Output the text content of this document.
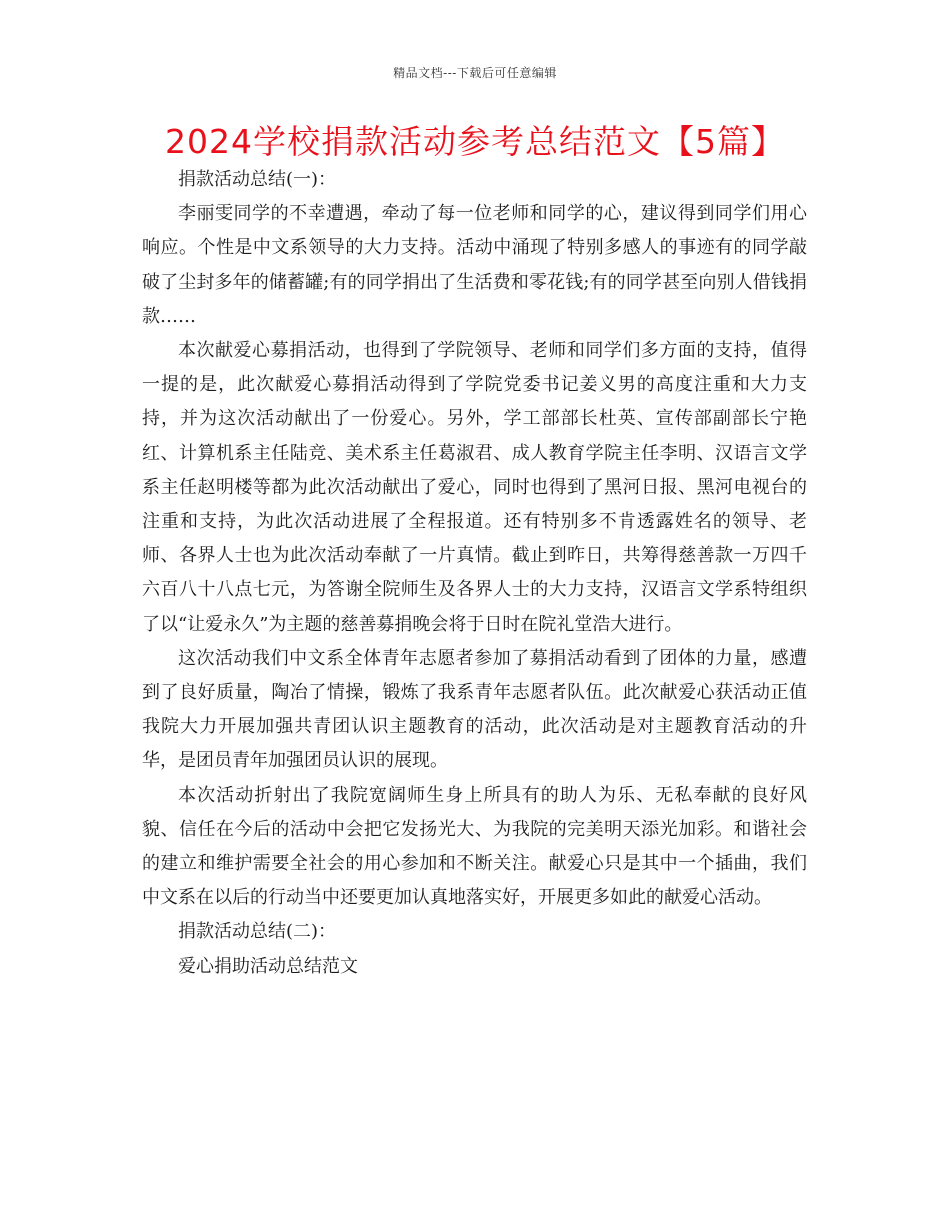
精品文档---下载后可任意编辑
2024学校捐款活动参考总结范文【5篇】

捐款活动总结(一)：

李丽雯同学的不幸遭遇，牵动了每一位老师和同学的心，建议得到同学们用心响应。个性是中文系领导的大力支持。活动中涌现了特别多感人的事迹有的同学敲破了尘封多年的储蓄罐;有的同学捐出了生活费和零花钱;有的同学甚至向别人借钱捐款……

本次献爱心募捐活动，也得到了学院领导、老师和同学们多方面的支持，值得一提的是，此次献爱心募捐活动得到了学院党委书记姜义男的高度注重和大力支持，并为这次活动献出了一份爱心。另外，学工部部长杜英、宣传部副部长宁艳红、计算机系主任陆竞、美术系主任葛淑君、成人教育学院主任李明、汉语言文学系主任赵明楼等都为此次活动献出了爱心，同时也得到了黑河日报、黑河电视台的注重和支持，为此次活动进展了全程报道。还有特别多不肯透露姓名的领导、老师、各界人士也为此次活动奉献了一片真情。截止到昨日，共筹得慈善款一万四千六百八十八点七元，为答谢全院师生及各界人士的大力支持，汉语言文学系特组织了以“让爱永久”为主题的慈善募捐晚会将于日时在院礼堂浩大进行。

这次活动我们中文系全体青年志愿者参加了募捐活动看到了团体的力量，感遭到了良好质量，陶冶了情操，锻炼了我系青年志愿者队伍。此次献爱心获活动正值我院大力开展加强共青团认识主题教育的活动，此次活动是对主题教育活动的升华，是团员青年加强团员认识的展现。

本次活动折射出了我院宽阔师生身上所具有的助人为乐、无私奉献的良好风貌、信任在今后的活动中会把它发扬光大、为我院的完美明天添光加彩。和谐社会的建立和维护需要全社会的用心参加和不断关注。献爱心只是其中一个插曲，我们中文系在以后的行动当中还要更加认真地落实好，开展更多如此的献爱心活动。

捐款活动总结(二)：

爱心捐助活动总结范文
